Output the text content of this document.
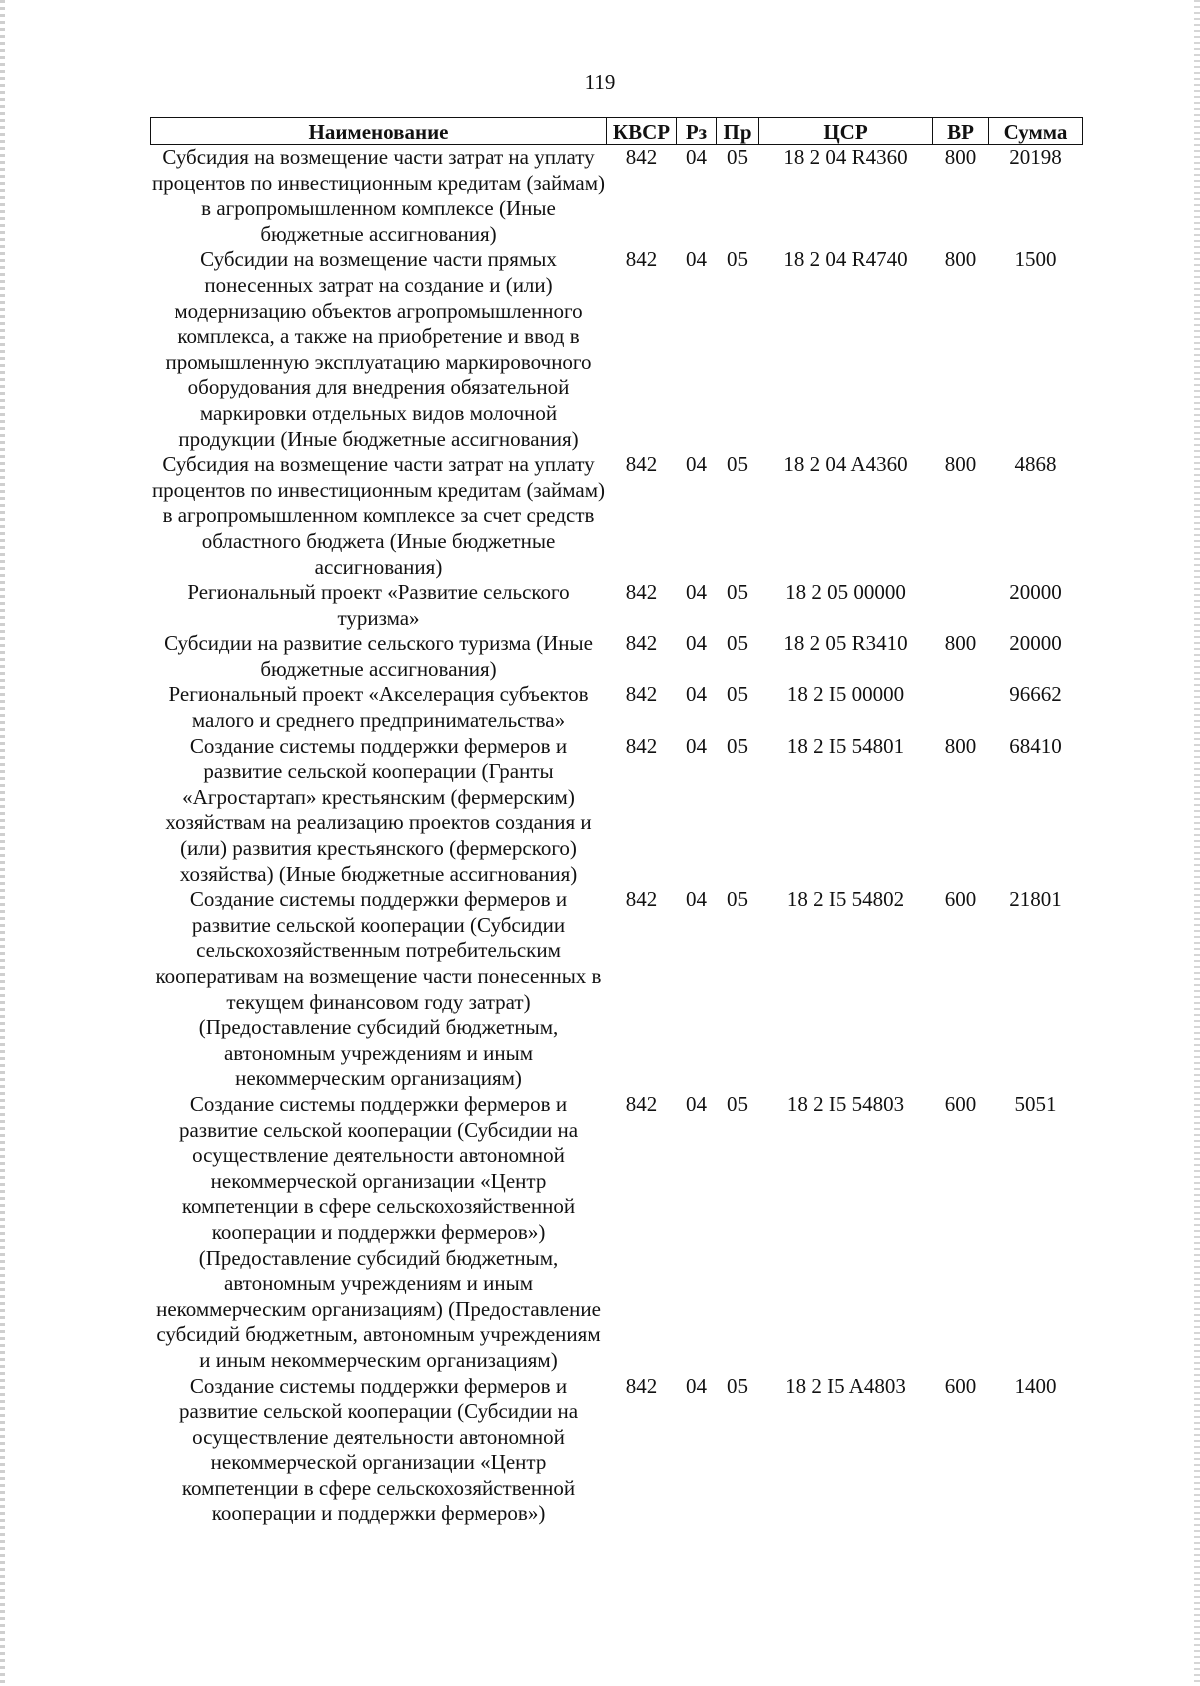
119
Наименование	КВСР	Рз	Пр	ЦСР	ВР	Сумма
Субсидия на возмещение части затрат на уплату процентов по инвестиционным кредитам (займам) в агропромышленном комплексе (Иные бюджетные ассигнования)	842	04	05	18 2 04 R4360	800	20198
Субсидии на возмещение части прямых понесенных затрат на создание и (или) модернизацию объектов агропромышленного комплекса, а также на приобретение и ввод в промышленную эксплуатацию маркировочного оборудования для внедрения обязательной маркировки отдельных видов молочной продукции (Иные бюджетные ассигнования)	842	04	05	18 2 04 R4740	800	1500
Субсидия на возмещение части затрат на уплату процентов по инвестиционным кредитам (займам) в агропромышленном комплексе за счет средств областного бюджета (Иные бюджетные ассигнования)	842	04	05	18 2 04 A4360	800	4868
Региональный проект «Развитие сельского туризма»	842	04	05	18 2 05 00000		20000
Субсидии на развитие сельского туризма (Иные бюджетные ассигнования)	842	04	05	18 2 05 R3410	800	20000
Региональный проект «Акселерация субъектов малого и среднего предпринимательства»	842	04	05	18 2 I5 00000		96662
Создание системы поддержки фермеров и развитие сельской кооперации (Гранты «Агростартап» крестьянским (фермерским) хозяйствам на реализацию проектов создания и (или) развития крестьянского (фермерского) хозяйства) (Иные бюджетные ассигнования)	842	04	05	18 2 I5 54801	800	68410
Создание системы поддержки фермеров и развитие сельской кооперации (Субсидии сельскохозяйственным потребительским кооперативам на возмещение части понесенных в текущем финансовом году затрат) (Предоставление субсидий бюджетным, автономным учреждениям и иным некоммерческим организациям)	842	04	05	18 2 I5 54802	600	21801
Создание системы поддержки фермеров и развитие сельской кооперации (Субсидии на осуществление деятельности автономной некоммерческой организации «Центр компетенции в сфере сельскохозяйственной кооперации и поддержки фермеров») (Предоставление субсидий бюджетным, автономным учреждениям и иным некоммерческим организациям) (Предоставление субсидий бюджетным, автономным учреждениям и иным некоммерческим организациям)	842	04	05	18 2 I5 54803	600	5051
Создание системы поддержки фермеров и развитие сельской кооперации (Субсидии на осуществление деятельности автономной некоммерческой организации «Центр компетенции в сфере сельскохозяйственной кооперации и поддержки фермеров»)	842	04	05	18 2 I5 A4803	600	1400
